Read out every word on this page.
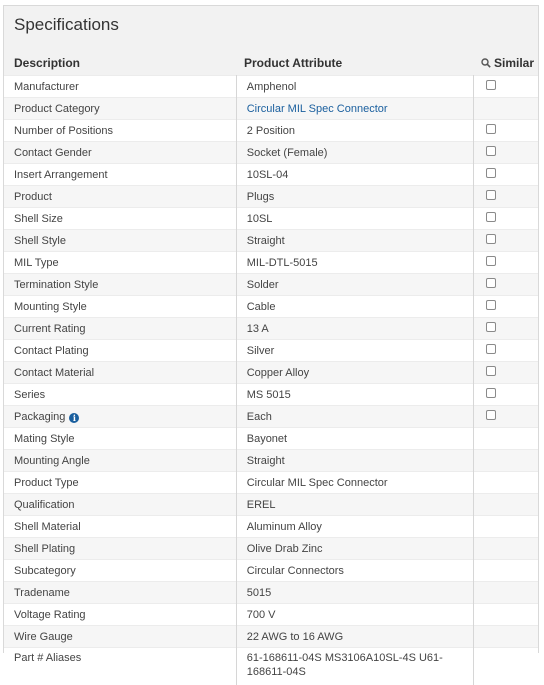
Specifications
Description	Product Attribute	Similar
Manufacturer	Amphenol	
Product Category	Circular MIL Spec Connector	
Number of Positions	2 Position	
Contact Gender	Socket (Female)	
Insert Arrangement	10SL-04	
Product	Plugs	
Shell Size	10SL	
Shell Style	Straight	
MIL Type	MIL-DTL-5015	
Termination Style	Solder	
Mounting Style	Cable	
Current Rating	13 A	
Contact Plating	Silver	
Contact Material	Copper Alloy	
Series	MS 5015	
Packaging i	Each	
Mating Style	Bayonet	
Mounting Angle	Straight	
Product Type	Circular MIL Spec Connector	
Qualification	EREL	
Shell Material	Aluminum Alloy	
Shell Plating	Olive Drab Zinc	
Subcategory	Circular Connectors	
Tradename	5015	
Voltage Rating	700 V	
Wire Gauge	22 AWG to 16 AWG	
Part # Aliases	61-168611-04S MS3106A10SL-4S U61-168611-04S	
